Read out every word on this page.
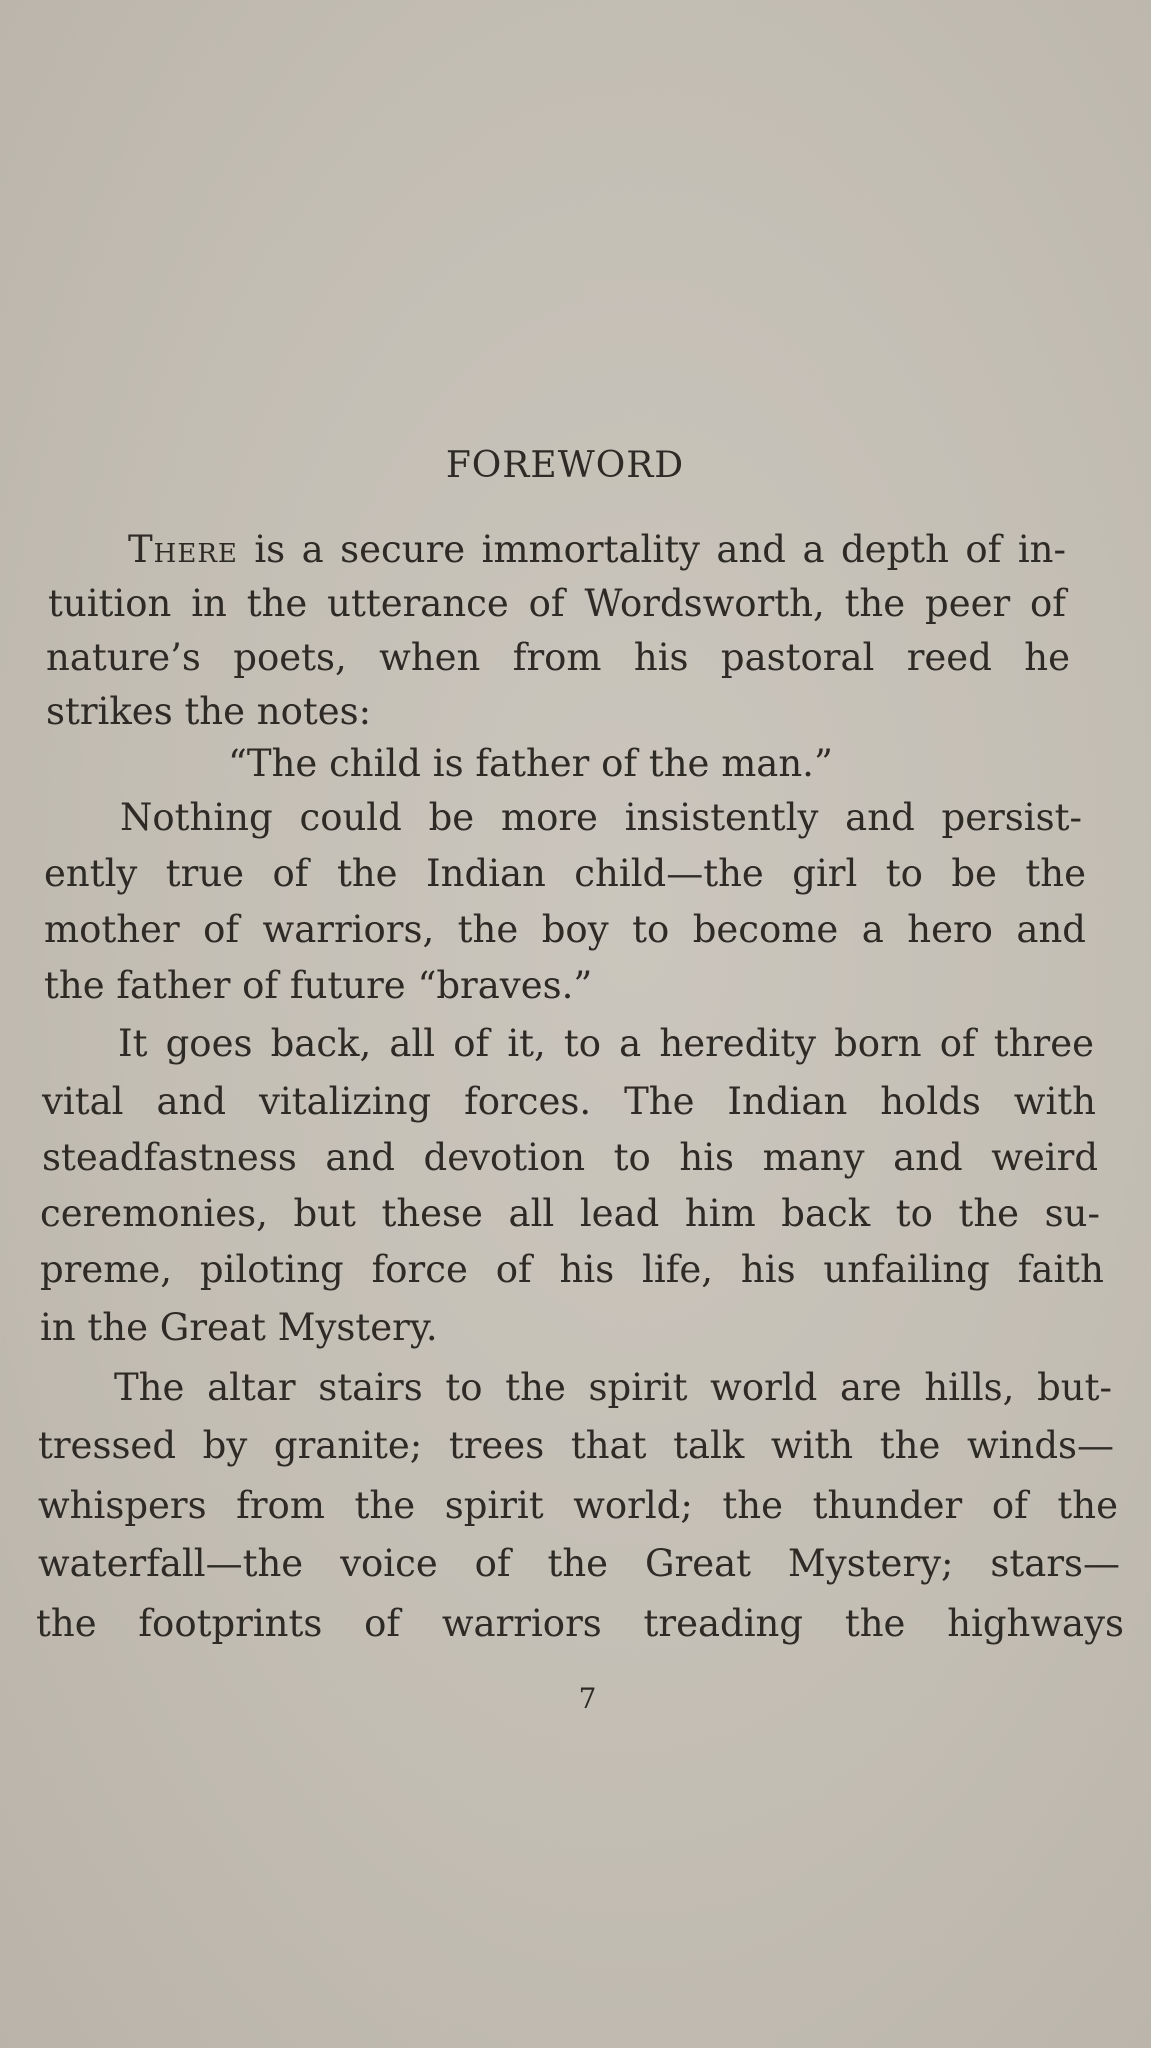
FOREWORD

There is a secure immortality and a depth of in-

tuition in the utterance of Wordsworth, the peer of

nature’s poets, when from his pastoral reed he

strikes the notes:

“The child is father of the man.”

Nothing could be more insistently and persist-

ently true of the Indian child—the girl to be the

mother of warriors, the boy to become a hero and

the father of future “braves.”

It goes back, all of it, to a heredity born of three

vital and vitalizing forces. The Indian holds with

steadfastness and devotion to his many and weird

ceremonies, but these all lead him back to the su-

preme, piloting force of his life, his unfailing faith

in the Great Mystery.

The altar stairs to the spirit world are hills, but-

tressed by granite; trees that talk with the winds—

whispers from the spirit world; the thunder of the

waterfall—the voice of the Great Mystery; stars—

the footprints of warriors treading the highways

7
